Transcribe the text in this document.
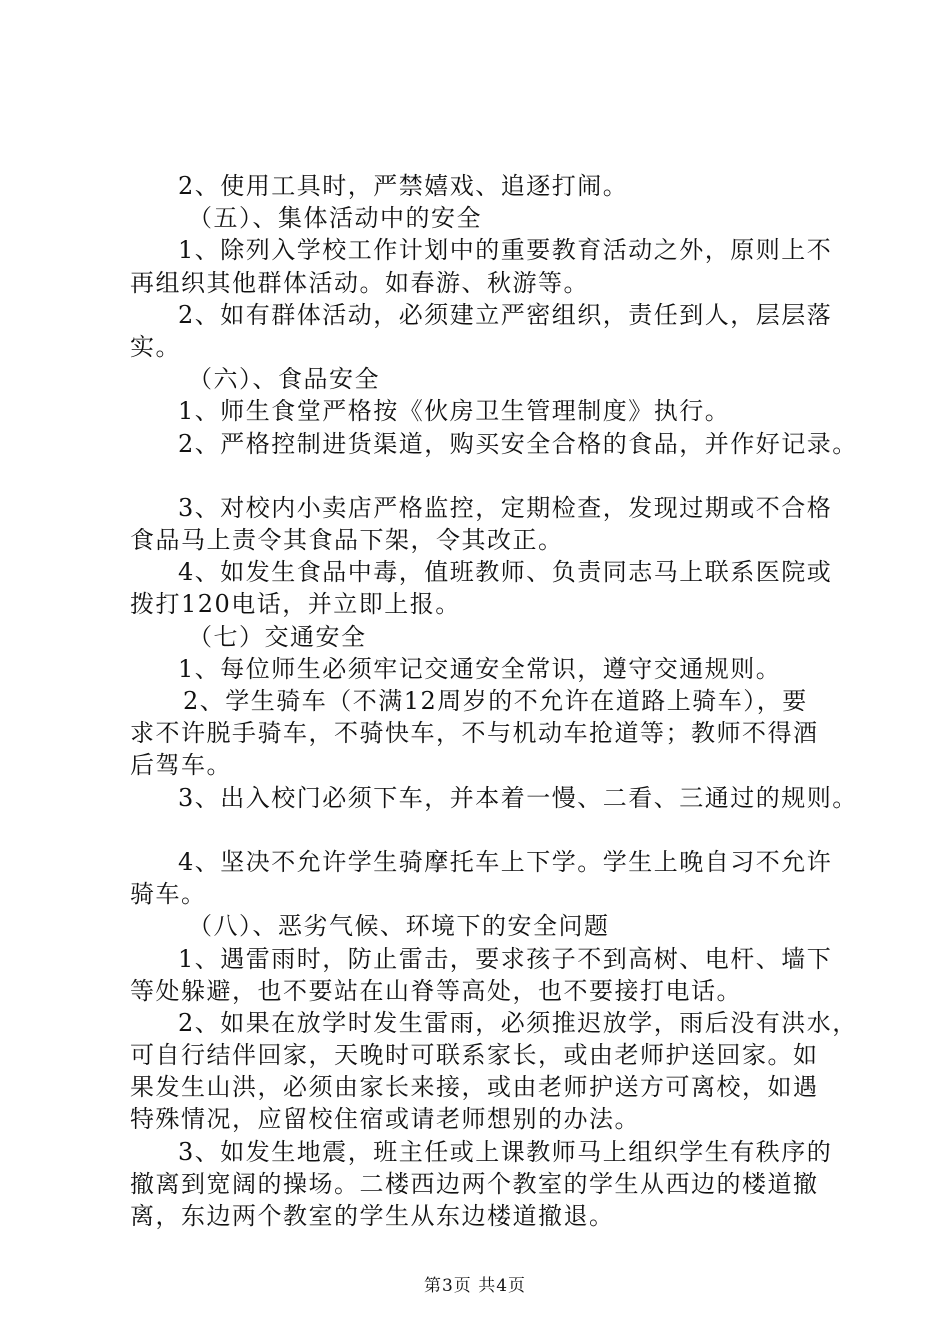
2、使用工具时，严禁嬉戏、追逐打闹。
（五）、集体活动中的安全
1、除列入学校工作计划中的重要教育活动之外，原则上不
再组织其他群体活动。如春游、秋游等。
2、如有群体活动，必须建立严密组织，责任到人，层层落
实。
（六）、食品安全
1、师生食堂严格按《伙房卫生管理制度》执行。
2、严格控制进货渠道，购买安全合格的食品，并作好记录。
3、对校内小卖店严格监控，定期检查，发现过期或不合格
食品马上责令其食品下架，令其改正。
4、如发生食品中毒，值班教师、负责同志马上联系医院或
拨打120电话，并立即上报。
（七）交通安全
1、每位师生必须牢记交通安全常识，遵守交通规则。
2、学生骑车（不满12周岁的不允许在道路上骑车），要
求不许脱手骑车，不骑快车，不与机动车抢道等；教师不得酒
后驾车。
3、出入校门必须下车，并本着一慢、二看、三通过的规则。
4、坚决不允许学生骑摩托车上下学。学生上晚自习不允许
骑车。
（八）、恶劣气候、环境下的安全问题
1、遇雷雨时，防止雷击，要求孩子不到高树、电杆、墙下
等处躲避，也不要站在山脊等高处，也不要接打电话。
2、如果在放学时发生雷雨，必须推迟放学，雨后没有洪水，
可自行结伴回家，天晚时可联系家长，或由老师护送回家。如
果发生山洪，必须由家长来接，或由老师护送方可离校，如遇
特殊情况，应留校住宿或请老师想别的办法。
3、如发生地震，班主任或上课教师马上组织学生有秩序的
撤离到宽阔的操场。二楼西边两个教室的学生从西边的楼道撤
离，东边两个教室的学生从东边楼道撤退。
第3页 共4页
